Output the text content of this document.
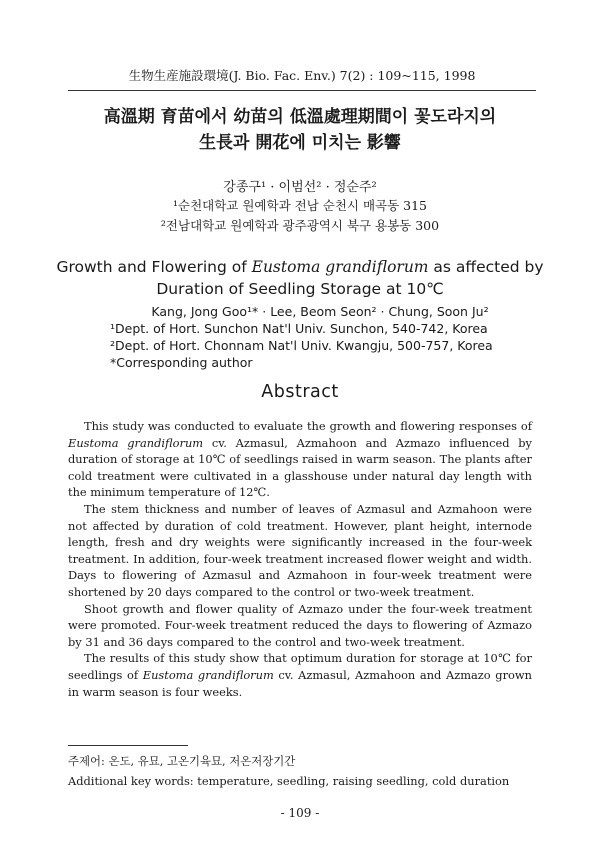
生物生産施設環境(J. Bio. Fac. Env.) 7(2) : 109~115, 1998
高溫期 育苗에서 幼苗의 低溫處理期間이 꽃도라지의
生長과 開花에 미치는 影響
강종구¹ · 이범선² · 정순주²
¹순천대학교 원예학과 전남 순천시 매곡동 315
²전남대학교 원예학과 광주광역시 북구 용봉동 300
Growth and Flowering of Eustoma grandiflorum as affected by
Duration of Seedling Storage at 10℃
Kang, Jong Goo¹* · Lee, Beom Seon² · Chung, Soon Ju²
¹Dept. of Hort. Sunchon Nat'l Univ. Sunchon, 540-742, Korea
²Dept. of Hort. Chonnam Nat'l Univ. Kwangju, 500-757, Korea
*Corresponding author
Abstract

This study was conducted to evaluate the growth and flowering responses of Eustoma grandiflorum cv. Azmasul, Azmahoon and Azmazo influenced by duration of storage at 10℃ of seedlings raised in warm season. The plants after cold treatment were cultivated in a glasshouse under natural day length with the minimum temperature of 12℃.

The stem thickness and number of leaves of Azmasul and Azmahoon were not affected by duration of cold treatment. However, plant height, internode length, fresh and dry weights were significantly increased in the four-week treatment. In addition, four-week treatment increased flower weight and width. Days to flowering of Azmasul and Azmahoon in four-week treatment were shortened by 20 days compared to the control or two-week treatment.

Shoot growth and flower quality of Azmazo under the four-week treatment were promoted. Four-week treatment reduced the days to flowering of Azmazo by 31 and 36 days compared to the control and two-week treatment.

The results of this study show that optimum duration for storage at 10℃ for seedlings of Eustoma grandiflorum cv. Azmasul, Azmahoon and Azmazo grown in warm season is four weeks.

주제어: 온도, 유묘, 고온기육묘, 저온저장기간
Additional key words: temperature, seedling, raising seedling, cold duration
- 109 -
